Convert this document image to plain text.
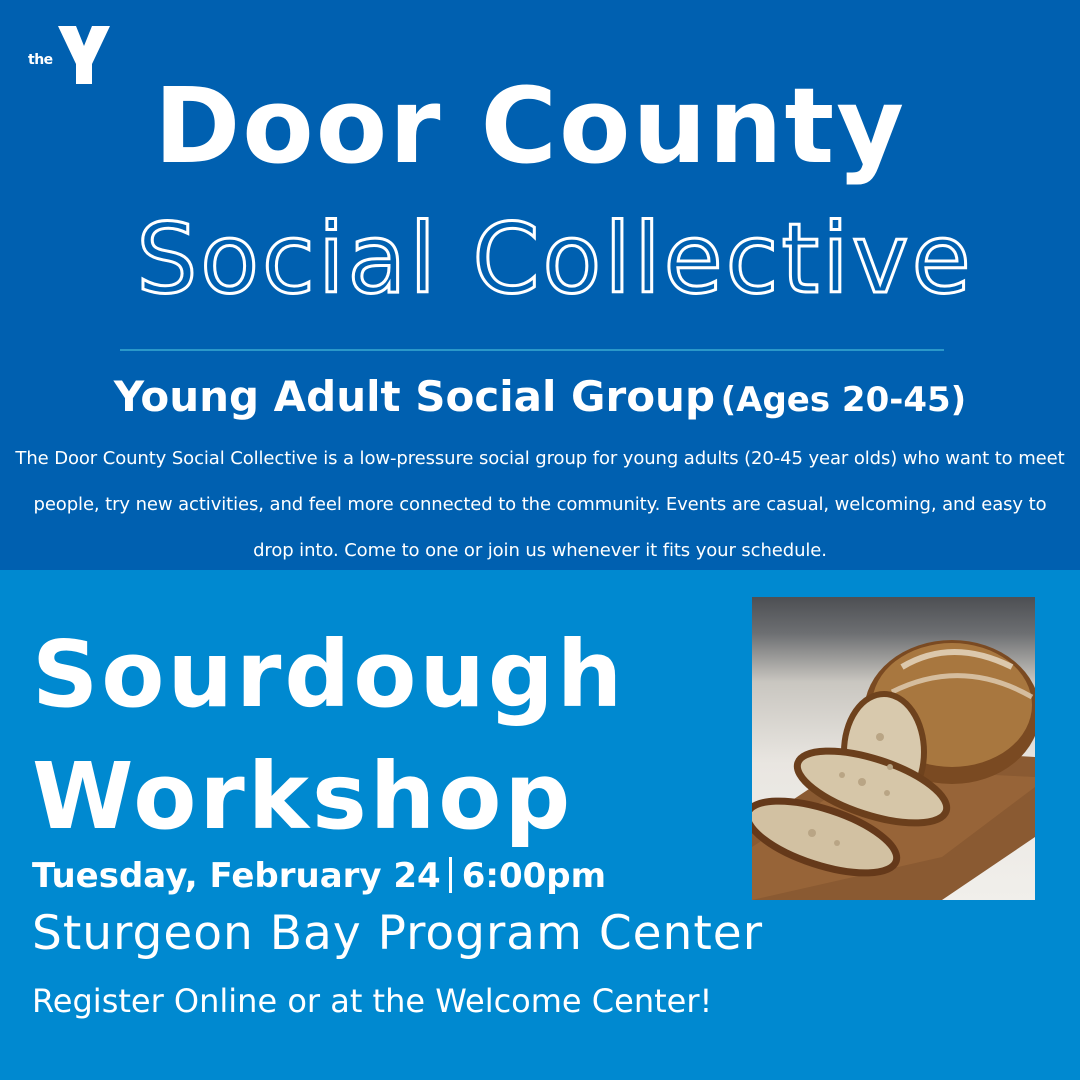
the
YMCA Door County
Social Collective
Young Adult Social Group (Ages 20-45)
The Door County Social Collective is a low-pressure social group for young adults (20-45 year olds) who want to meet people, try new activities, and feel more connected to the community. Events are casual, welcoming, and easy to drop into. Come to one or join us whenever it fits your schedule.
Sourdough
Workshop
Tuesday, February 24 6:00pm
Sturgeon Bay Program Center
Register Online or at the Welcome Center!
